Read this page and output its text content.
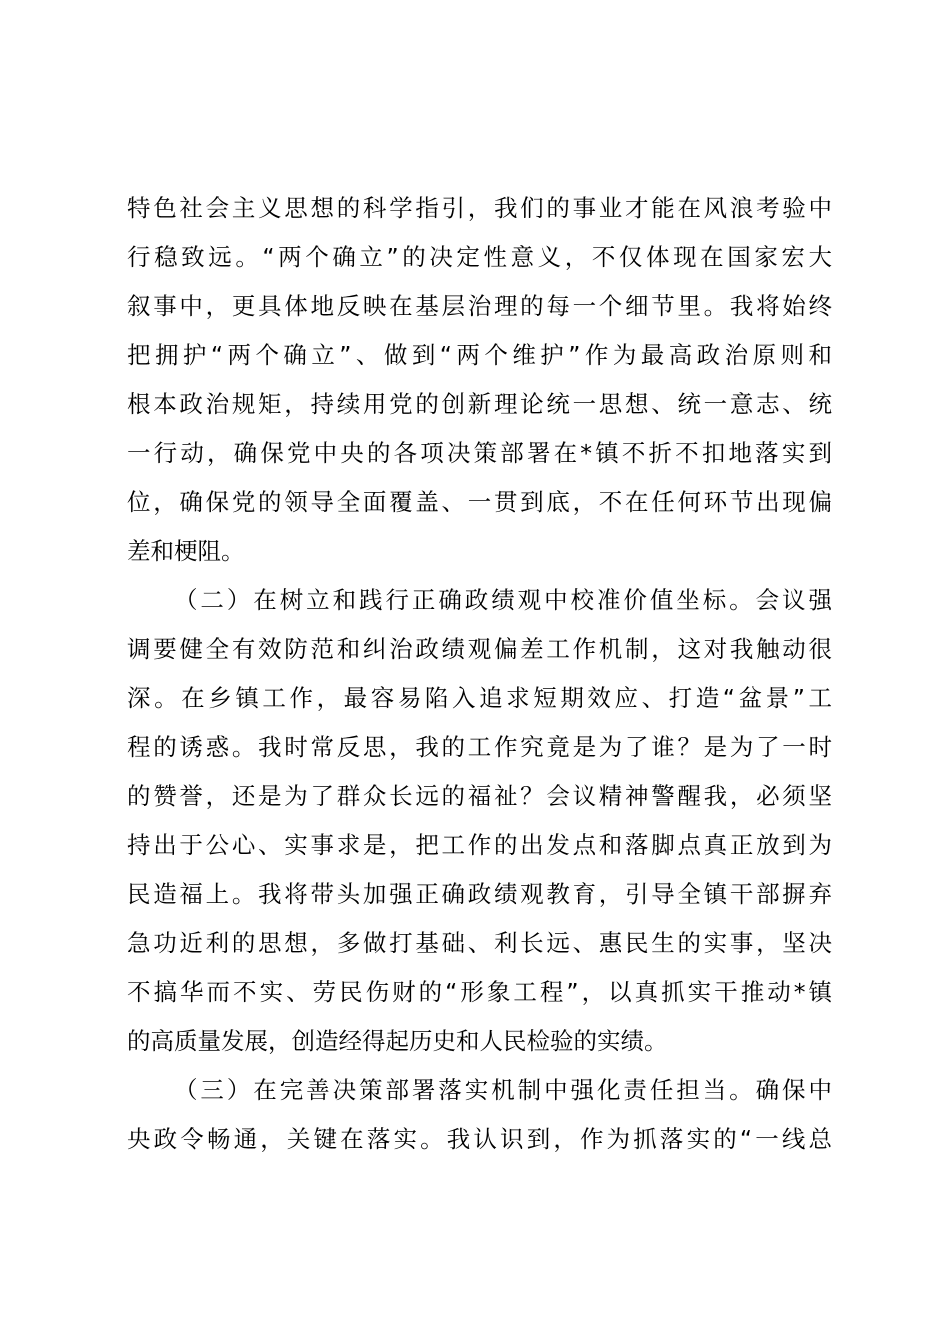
特色社会主义思想的科学指引，我们的事业才能在风浪考验中
行稳致远。“两个确立”的决定性意义，不仅体现在国家宏大
叙事中，更具体地反映在基层治理的每一个细节里。我将始终
把拥护“两个确立”、做到“两个维护”作为最高政治原则和
根本政治规矩，持续用党的创新理论统一思想、统一意志、统
一行动，确保党中央的各项决策部署在*镇不折不扣地落实到
位，确保党的领导全面覆盖、一贯到底，不在任何环节出现偏
差和梗阻。
（二）在树立和践行正确政绩观中校准价值坐标。会议强
调要健全有效防范和纠治政绩观偏差工作机制，这对我触动很
深。在乡镇工作，最容易陷入追求短期效应、打造“盆景”工
程的诱惑。我时常反思，我的工作究竟是为了谁？是为了一时
的赞誉，还是为了群众长远的福祉？会议精神警醒我，必须坚
持出于公心、实事求是，把工作的出发点和落脚点真正放到为
民造福上。我将带头加强正确政绩观教育，引导全镇干部摒弃
急功近利的思想，多做打基础、利长远、惠民生的实事，坚决
不搞华而不实、劳民伤财的“形象工程”，以真抓实干推动*镇
的高质量发展，创造经得起历史和人民检验的实绩。
（三）在完善决策部署落实机制中强化责任担当。确保中
央政令畅通，关键在落实。我认识到，作为抓落实的“一线总
